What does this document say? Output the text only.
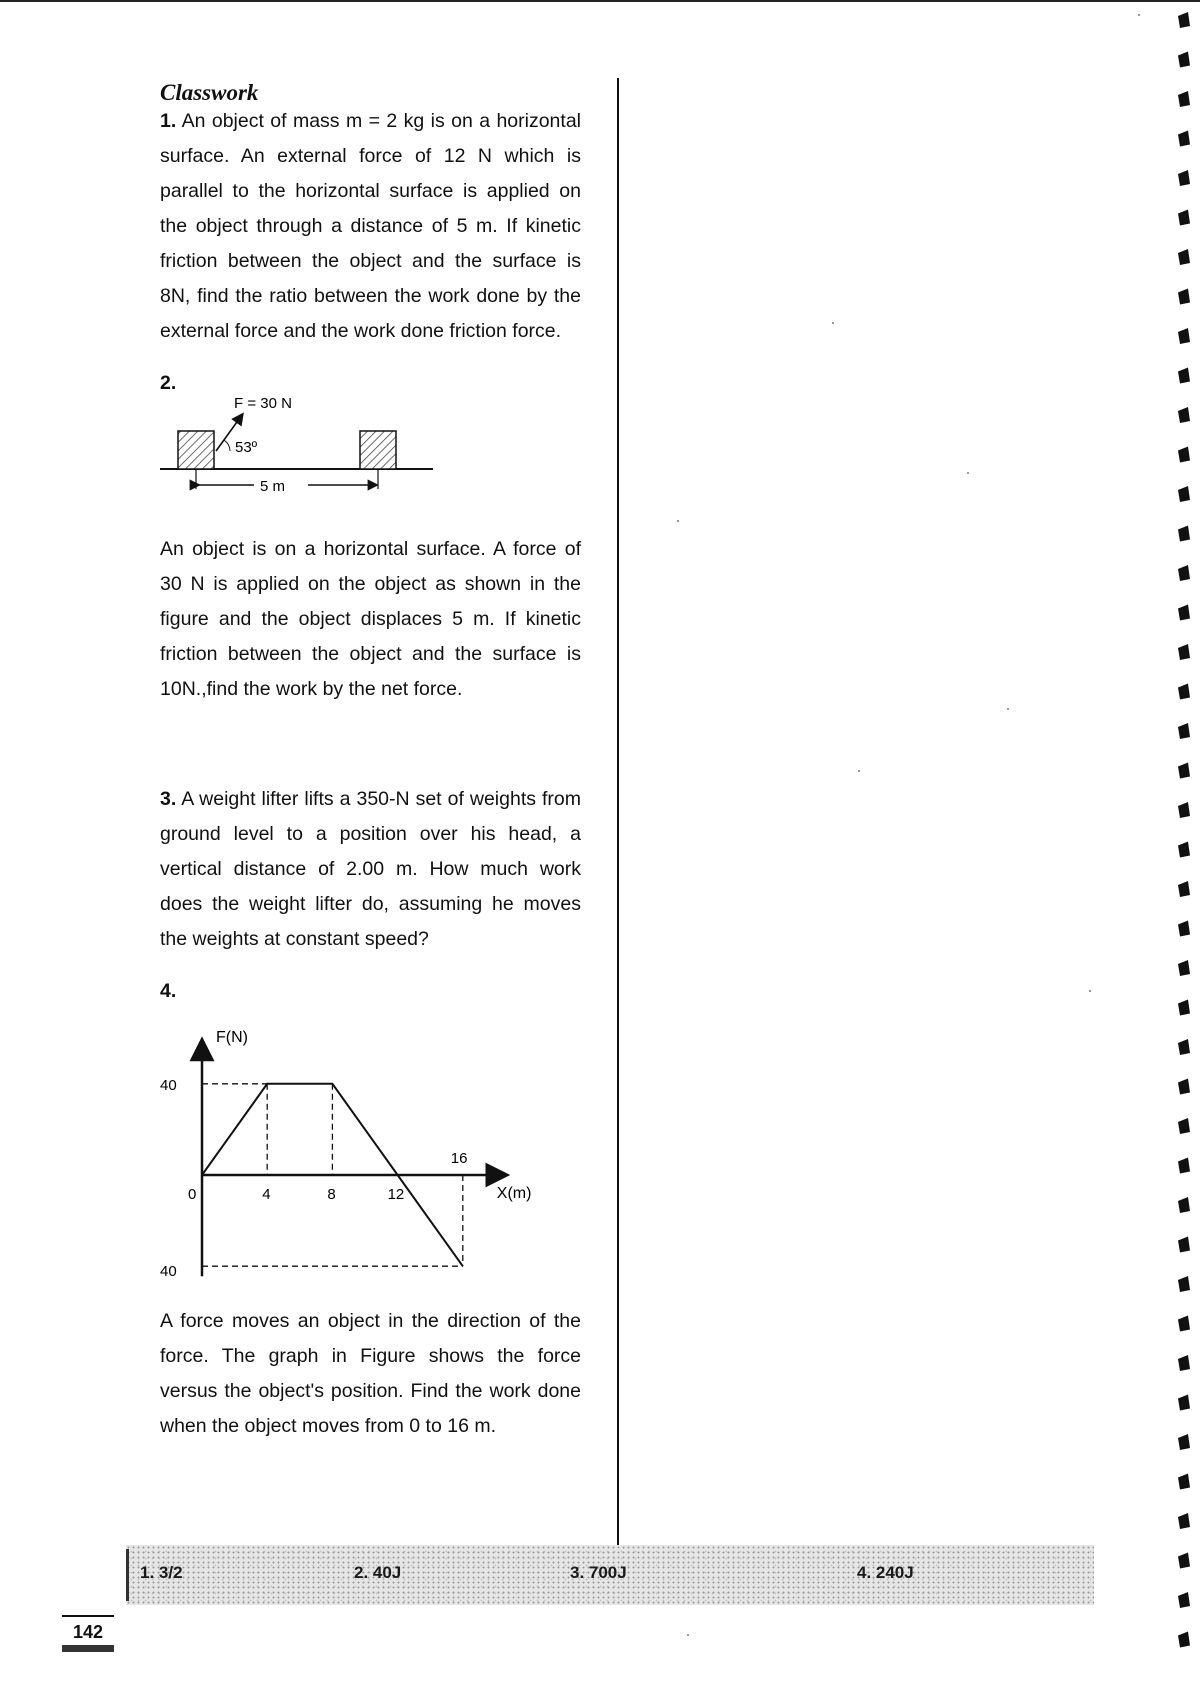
Classwork

1. An object of mass m = 2 kg is on a horizontal surface. An external force of 12 N which is parallel to the horizontal surface is applied on the object through a distance of 5 m. If kinetic friction between the object and the surface is 8N, find the ratio between the work done by the external force and the work done friction force.

2.
F = 30 N
53º
5 m

An object is on a horizontal surface. A force of 30 N is applied on the object as shown in the figure and the object displaces 5 m. If kinetic friction between the object and the surface is 10N.,find the work by the net force.

3. A weight lifter lifts a 350-N set of weights from ground level to a position over his head, a vertical distance of 2.00 m. How much work does the weight lifter do, assuming he moves the weights at constant speed?

4.
F(N)
X(m)
0	4	8	12
16
40
40

A force moves an object in the direction of the force. The graph in Figure shows the force versus the object's position. Find the work done when the object moves from 0 to 16 m.

1. 3/2	2. 40J	3. 700J	4. 240J
142
